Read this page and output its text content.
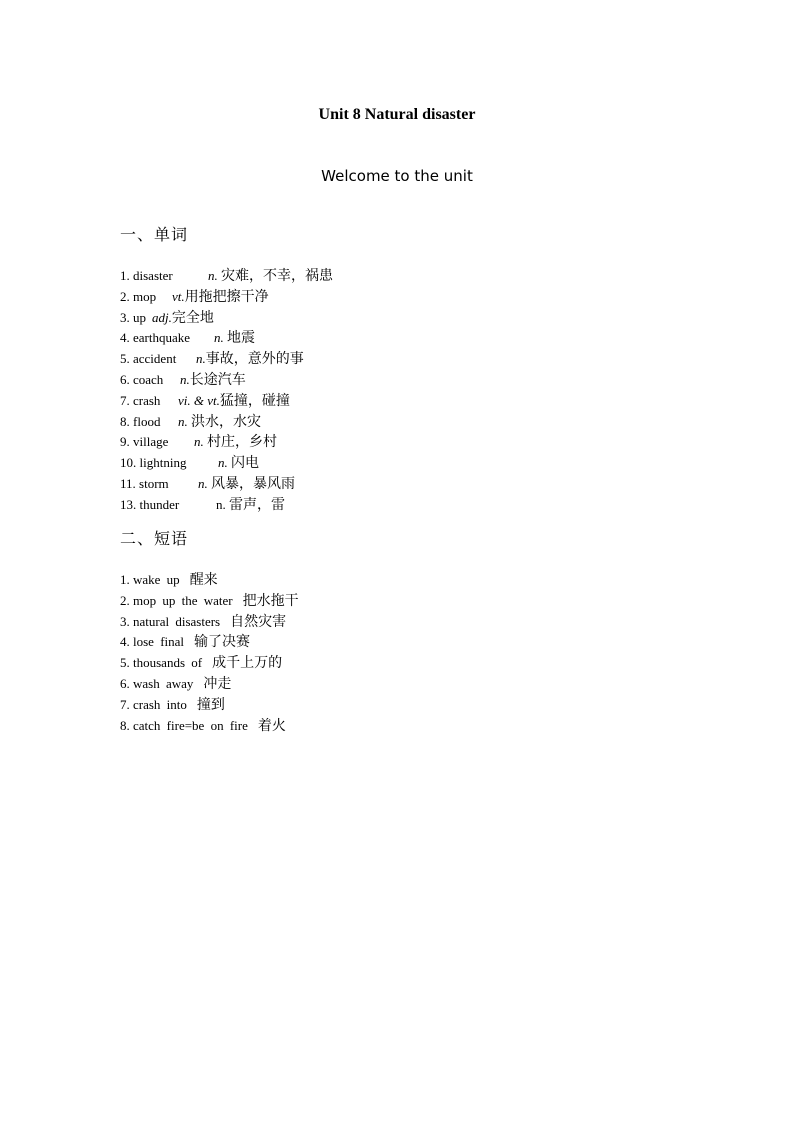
Unit 8 Natural disaster
Welcome to the unit
一、单词
1. disaster	n. 灾难，不幸，祸患
2. mop vt.用拖把擦干净
3. up adj.完全地
4. earthquake n. 地震
5. accident n.事故，意外的事
6. coach n.长途汽车
7. crash vi. & vt.猛撞，碰撞
8. flood n. 洪水，水灾
9. village n. 村庄，乡村
10. lightning n. 闪电
11. storm n. 风暴，暴风雨
13. thunder	n. 雷声，雷
二、短语
1. wake up 醒来
2. mop up the water 把水拖干
3. natural disasters 自然灾害
4. lose final 输了决赛
5. thousands of 成千上万的
6. wash away 冲走
7. crash into 撞到
8. catch fire=be on fire 着火
